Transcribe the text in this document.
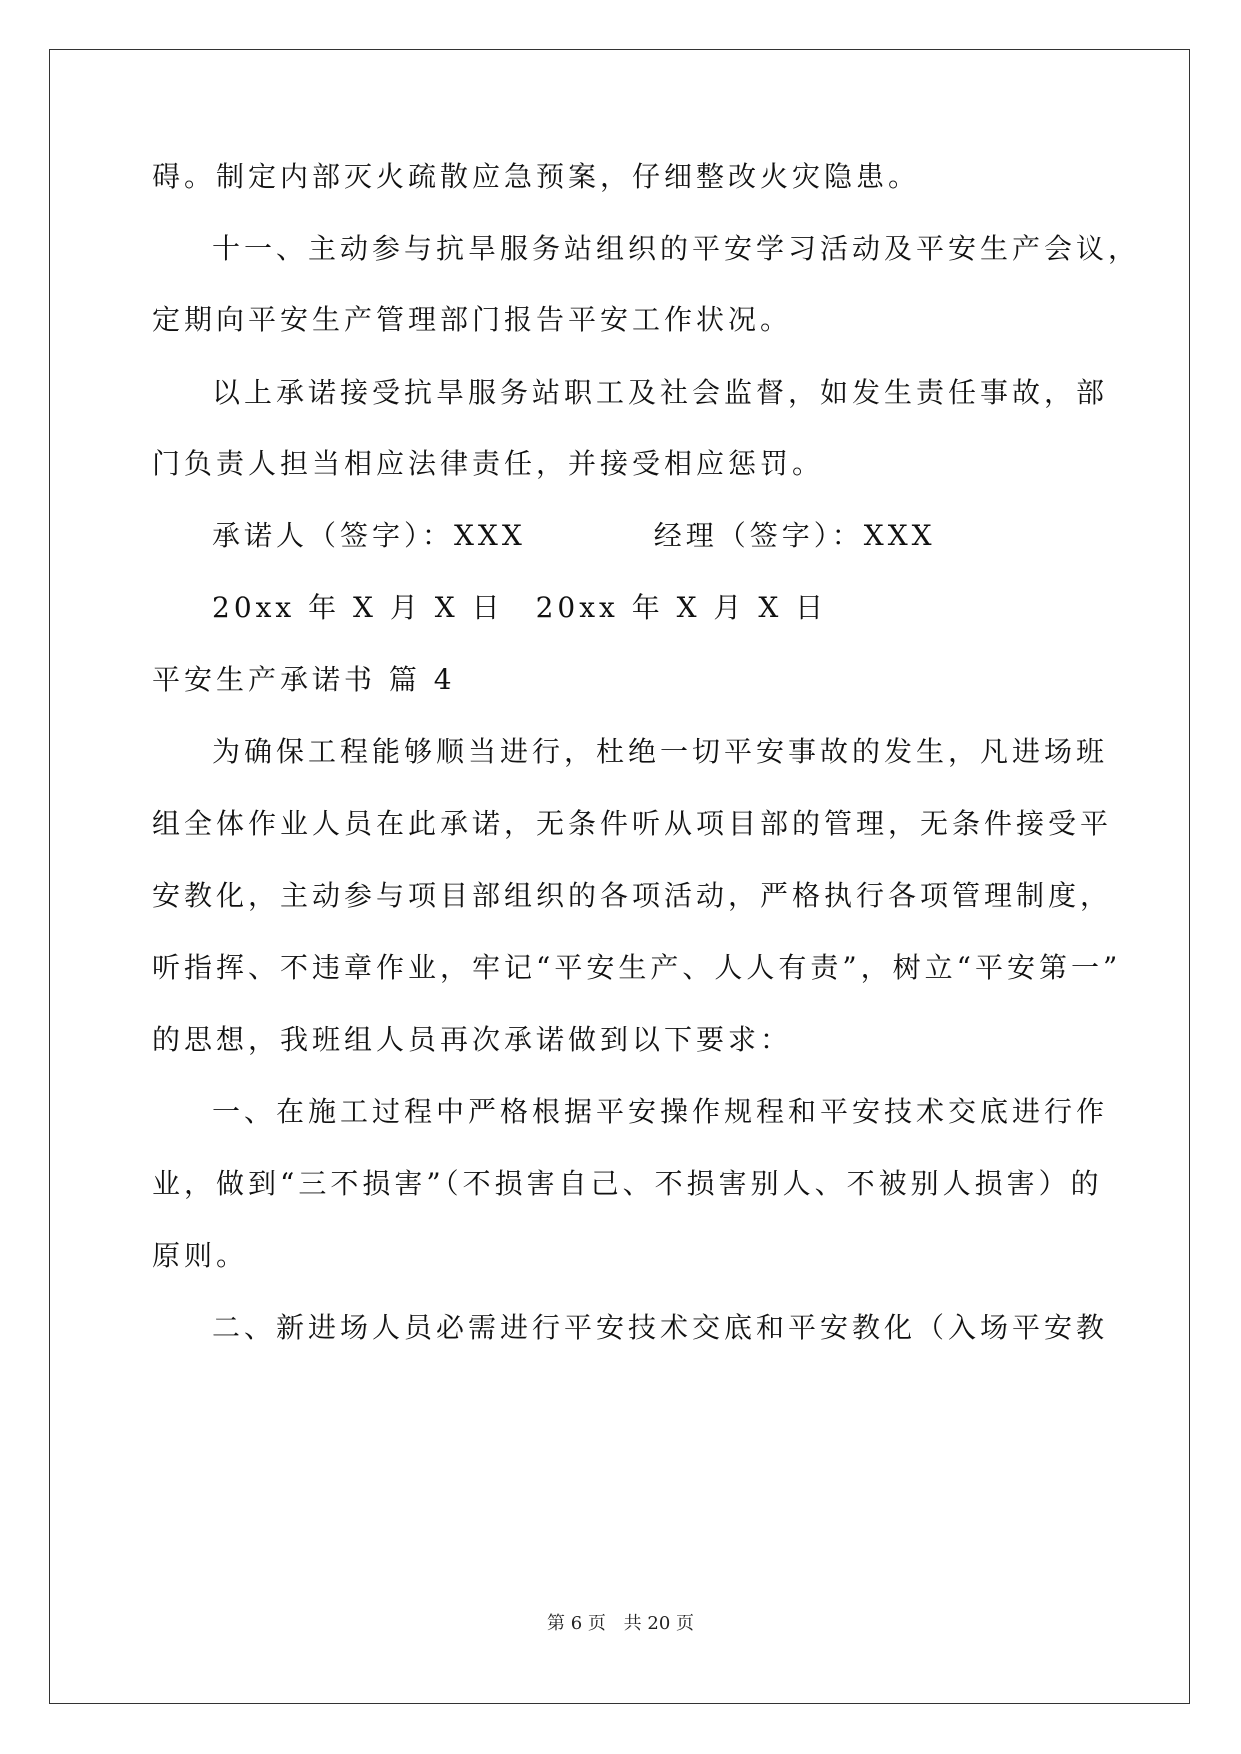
碍。制定内部灭火疏散应急预案，仔细整改火灾隐患。
十一、主动参与抗旱服务站组织的平安学习活动及平安生产会议，
定期向平安生产管理部门报告平安工作状况。
以上承诺接受抗旱服务站职工及社会监督，如发生责任事故，部
门负责人担当相应法律责任，并接受相应惩罚。
承诺人（签字）：XXX　　　　经理（签字）：XXX
20xx 年 X 月 X 日　20xx 年 X 月 X 日
平安生产承诺书 篇 4
为确保工程能够顺当进行，杜绝一切平安事故的发生，凡进场班
组全体作业人员在此承诺，无条件听从项目部的管理，无条件接受平
安教化，主动参与项目部组织的各项活动，严格执行各项管理制度，
听指挥、不违章作业，牢记“平安生产、人人有责”，树立“平安第一”
的思想，我班组人员再次承诺做到以下要求：
一、在施工过程中严格根据平安操作规程和平安技术交底进行作
业，做到“三不损害”（不损害自己、不损害别人、不被别人损害）的
原则。
二、新进场人员必需进行平安技术交底和平安教化（入场平安教
第 6 页 共 20 页
